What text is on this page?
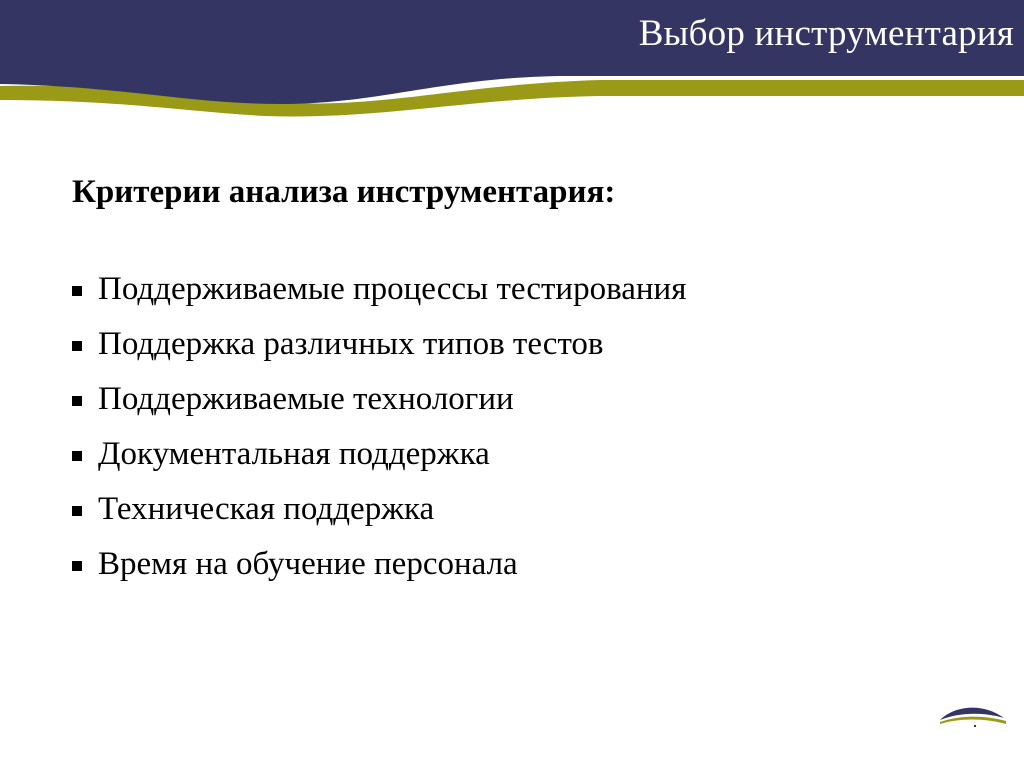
Выбор инструментария
Критерии анализа инструментария:
Поддерживаемые процессы тестирования
Поддержка различных типов тестов
Поддерживаемые технологии
Документальная поддержка
Техническая поддержка
Время на обучение персонала
